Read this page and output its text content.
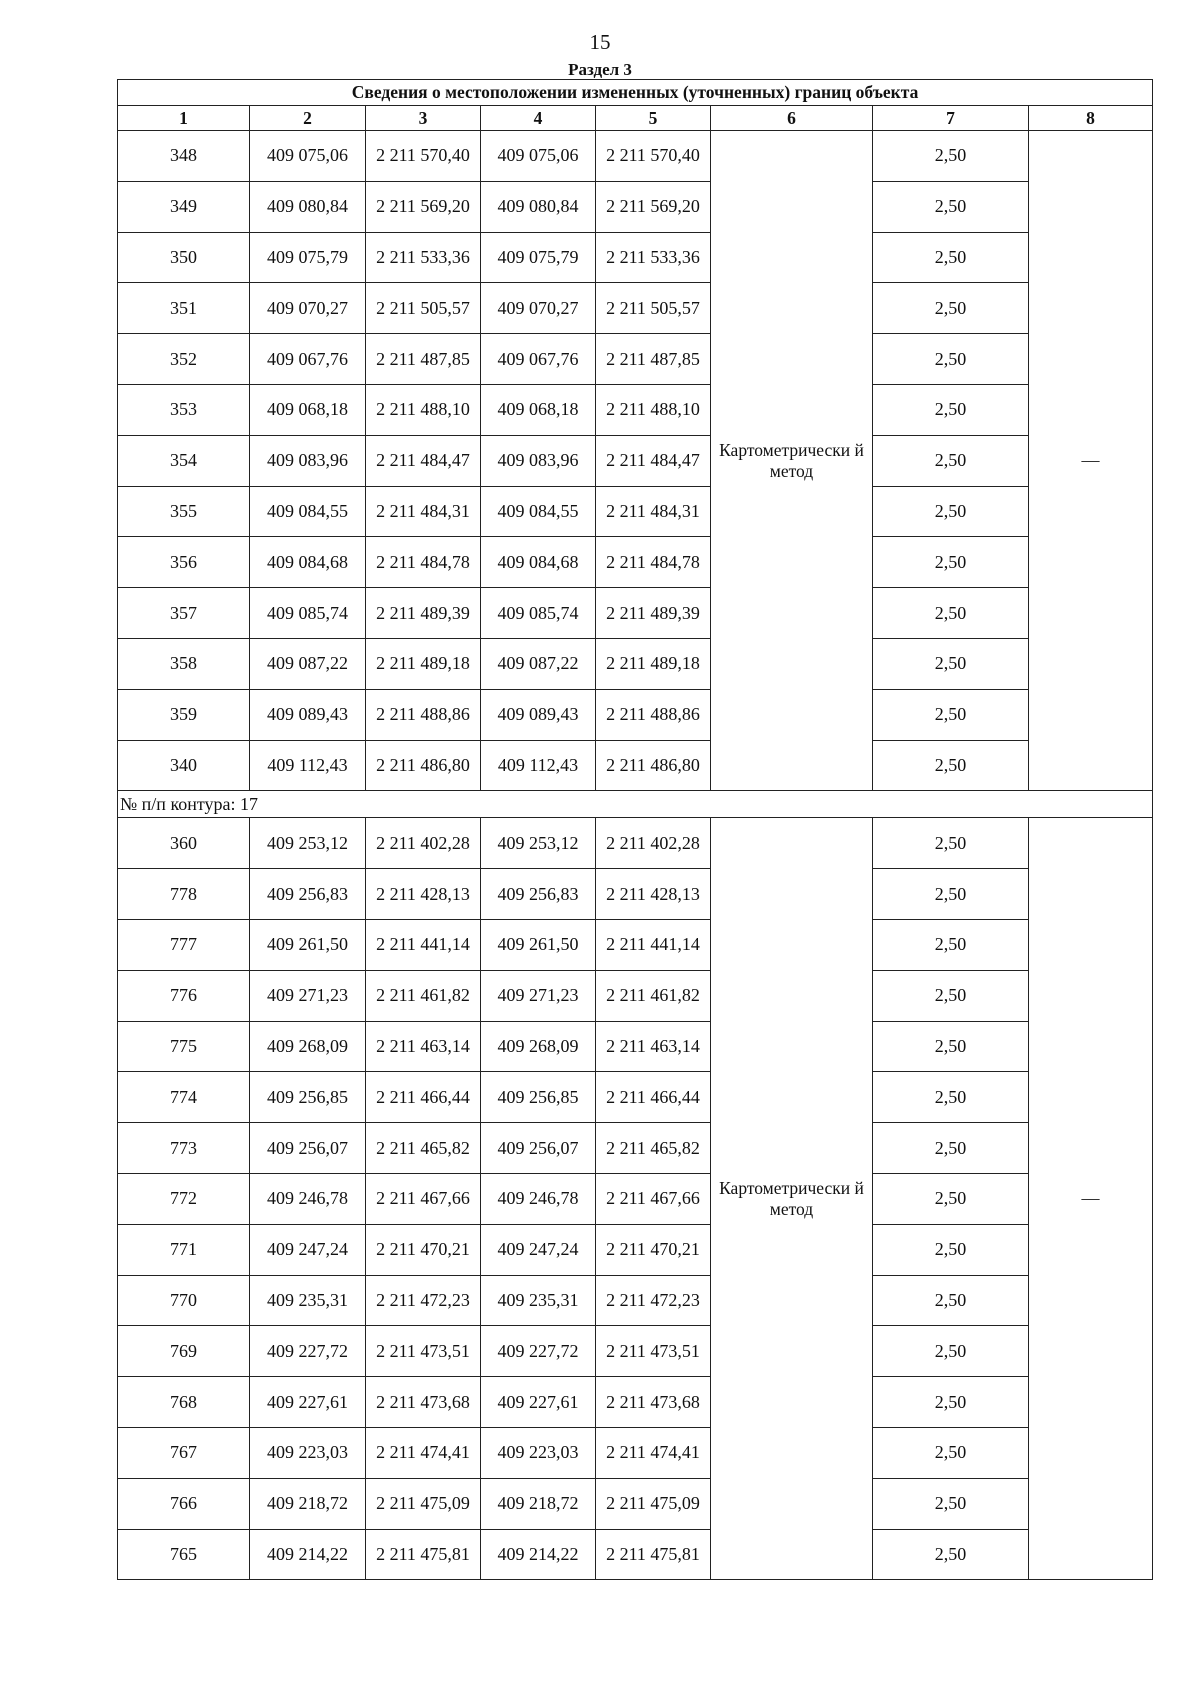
15
Раздел 3
Сведения о местоположении измененных (уточненных) границ объекта							
1	2	3	4	5	6	7	8
348	409 075,06	2 211 570,40	409 075,06	2 211 570,40	Картометрически й метод	2,50	—
349	409 080,84	2 211 569,20	409 080,84	2 211 569,20		2,50	
350	409 075,79	2 211 533,36	409 075,79	2 211 533,36		2,50	
351	409 070,27	2 211 505,57	409 070,27	2 211 505,57		2,50	
352	409 067,76	2 211 487,85	409 067,76	2 211 487,85		2,50	
353	409 068,18	2 211 488,10	409 068,18	2 211 488,10		2,50	
354	409 083,96	2 211 484,47	409 083,96	2 211 484,47		2,50	
355	409 084,55	2 211 484,31	409 084,55	2 211 484,31		2,50	
356	409 084,68	2 211 484,78	409 084,68	2 211 484,78		2,50	
357	409 085,74	2 211 489,39	409 085,74	2 211 489,39		2,50	
358	409 087,22	2 211 489,18	409 087,22	2 211 489,18		2,50	
359	409 089,43	2 211 488,86	409 089,43	2 211 488,86		2,50	
340	409 112,43	2 211 486,80	409 112,43	2 211 486,80		2,50	
№ п/п контура: 17							
360	409 253,12	2 211 402,28	409 253,12	2 211 402,28	Картометрически й метод	2,50	—
778	409 256,83	2 211 428,13	409 256,83	2 211 428,13		2,50	
777	409 261,50	2 211 441,14	409 261,50	2 211 441,14		2,50	
776	409 271,23	2 211 461,82	409 271,23	2 211 461,82		2,50	
775	409 268,09	2 211 463,14	409 268,09	2 211 463,14		2,50	
774	409 256,85	2 211 466,44	409 256,85	2 211 466,44		2,50	
773	409 256,07	2 211 465,82	409 256,07	2 211 465,82		2,50	
772	409 246,78	2 211 467,66	409 246,78	2 211 467,66		2,50	
771	409 247,24	2 211 470,21	409 247,24	2 211 470,21		2,50	
770	409 235,31	2 211 472,23	409 235,31	2 211 472,23		2,50	
769	409 227,72	2 211 473,51	409 227,72	2 211 473,51		2,50	
768	409 227,61	2 211 473,68	409 227,61	2 211 473,68		2,50	
767	409 223,03	2 211 474,41	409 223,03	2 211 474,41		2,50	
766	409 218,72	2 211 475,09	409 218,72	2 211 475,09		2,50	
765	409 214,22	2 211 475,81	409 214,22	2 211 475,81		2,50	
